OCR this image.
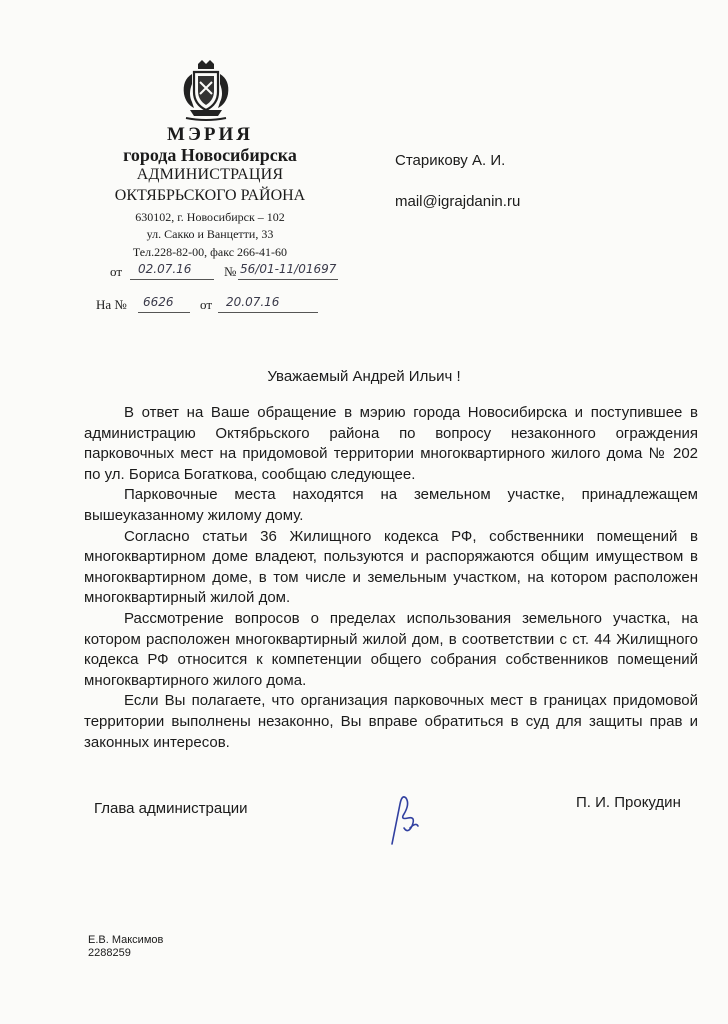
МЭРИЯ
города Новосибирска
АДМИНИСТРАЦИЯ
ОКТЯБРЬСКОГО РАЙОНА
630102, г. Новосибирск – 102
ул. Сакко и Ванцетти, 33
Тел.228-82-00, факс 266-41-60
от 02.07.16	№ 56/01-11/01697
На № 6626 от 20.07.16
Старикову А. И.
mail@igrajdanin.ru
Уважаемый Андрей Ильич !

В ответ на Ваше обращение в мэрию города Новосибирска и поступившее в администрацию Октябрьского района по вопросу незаконного ограждения парковочных мест на придомовой территории многоквартирного жилого дома № 202 по ул. Бориса Богаткова, сообщаю следующее.

Парковочные места находятся на земельном участке, принадлежащем вышеуказанному жилому дому.

Согласно статьи 36 Жилищного кодекса РФ, собственники помещений в многоквартирном доме владеют, пользуются и распоряжаются общим имуществом в многоквартирном доме, в том числе и земельным участком, на котором расположен многоквартирный жилой дом.

Рассмотрение вопросов о пределах использования земельного участка, на котором расположен многоквартирный жилой дом, в соответствии с ст. 44 Жилищного кодекса РФ относится к компетенции общего собрания собственников помещений многоквартирного жилого дома.

Если Вы полагаете, что организация парковочных мест в границах придомовой территории выполнены незаконно, Вы вправе обратиться в суд для защиты прав и законных интересов.

Глава администрации	П. И. Прокудин
Е.В. Максимов
2288259
